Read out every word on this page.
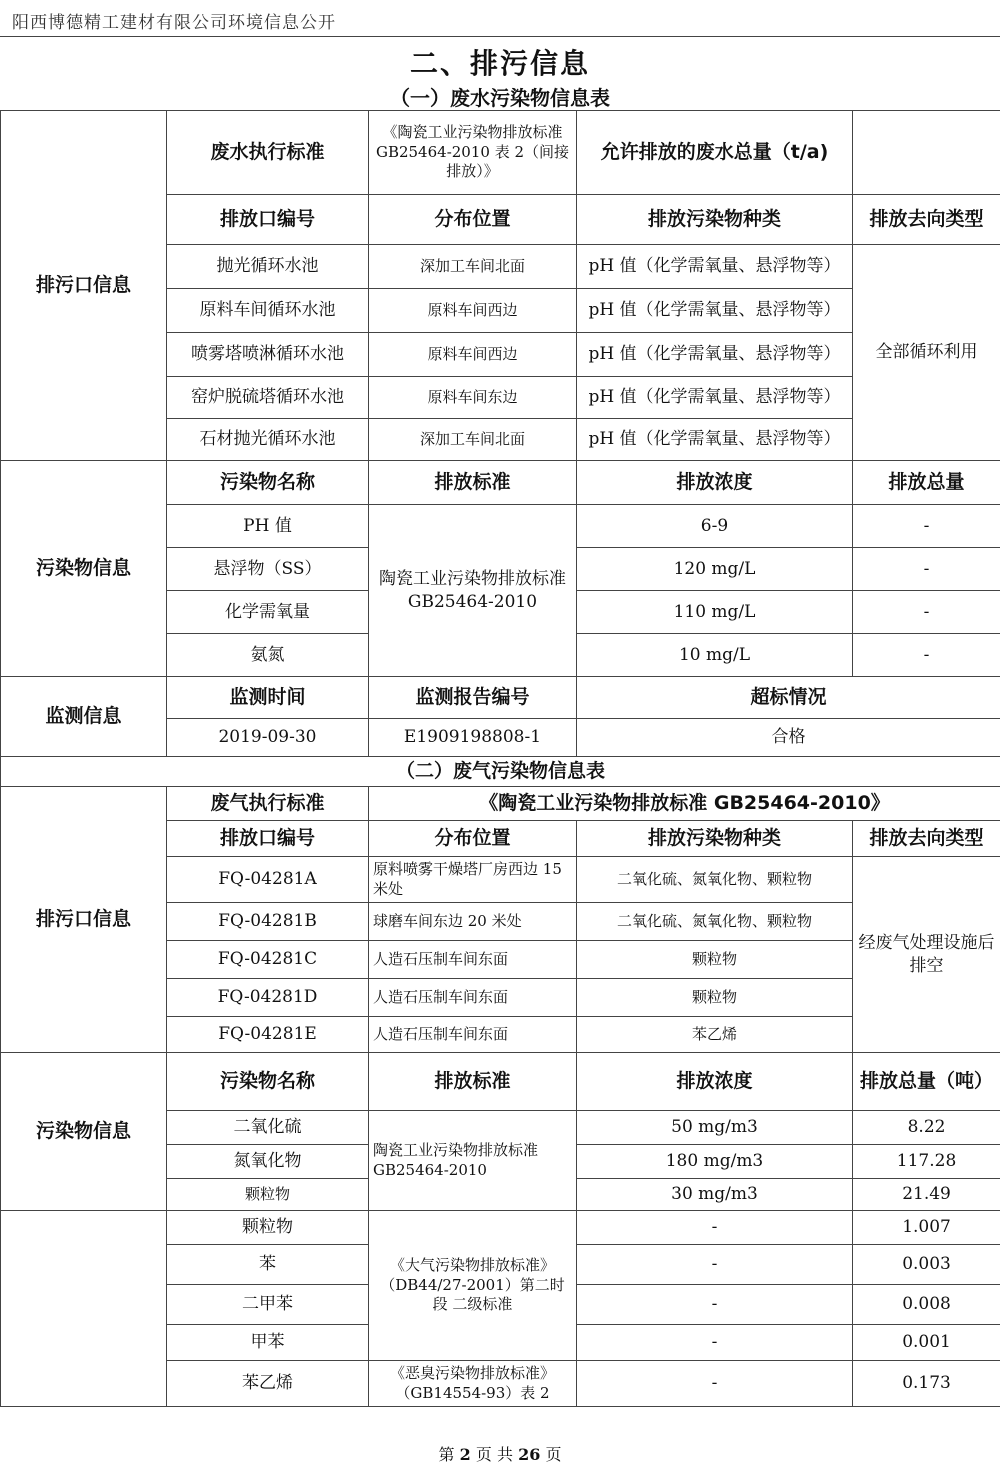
阳西博德精工建材有限公司环境信息公开
二、排污信息
（一）废水污染物信息表
排污口信息	废水执行标准	《陶瓷工业污染物排放标准 GB25464-2010 表 2（间接排放）》	允许排放的废水总量（t/a)	
	排放口编号	分布位置	排放污染物种类	排放去向类型
	抛光循环水池	深加工车间北面	pH 值（化学需氧量、悬浮物等）	全部循环利用
	原料车间循环水池	原料车间西边	pH 值（化学需氧量、悬浮物等）	
	喷雾塔喷淋循环水池	原料车间西边	pH 值（化学需氧量、悬浮物等）	
	窑炉脱硫塔循环水池	原料车间东边	pH 值（化学需氧量、悬浮物等）	
	石材抛光循环水池	深加工车间北面	pH 值（化学需氧量、悬浮物等）	
污染物信息	污染物名称	排放标准	排放浓度	排放总量
	PH 值	陶瓷工业污染物排放标准 GB25464-2010	6-9	-
	悬浮物（SS）		120 mg/L	-
	化学需氧量		110 mg/L	-
	氨氮		10 mg/L	-
监测信息	监测时间	监测报告编号	超标情况	
	2019-09-30	E1909198808-1	合格	
（二）废气污染物信息表				
排污口信息	废气执行标准	《陶瓷工业污染物排放标准 GB25464-2010》		
	排放口编号	分布位置	排放污染物种类	排放去向类型
	FQ-04281A	原料喷雾干燥塔厂房西边 15 米处	二氧化硫、氮氧化物、颗粒物	经废气处理设施后排空
	FQ-04281B	球磨车间东边 20 米处	二氧化硫、氮氧化物、颗粒物	
	FQ-04281C	人造石压制车间东面	颗粒物	
	FQ-04281D	人造石压制车间东面	颗粒物	
	FQ-04281E	人造石压制车间东面	苯乙烯	
污染物信息	污染物名称	排放标准	排放浓度	排放总量（吨）
	二氧化硫	陶瓷工业污染物排放标准 GB25464-2010	50 mg/m3	8.22
	氮氧化物		180 mg/m3	117.28
	颗粒物		30 mg/m3	21.49
	颗粒物	《大气污染物排放标准》（DB44/27-2001）第二时段 二级标准	-	1.007
	苯		-	0.003
	二甲苯		-	0.008
	甲苯		-	0.001
	苯乙烯	《恶臭污染物排放标准》（GB14554-93）表 2	-	0.173
第 2 页 共 26 页
